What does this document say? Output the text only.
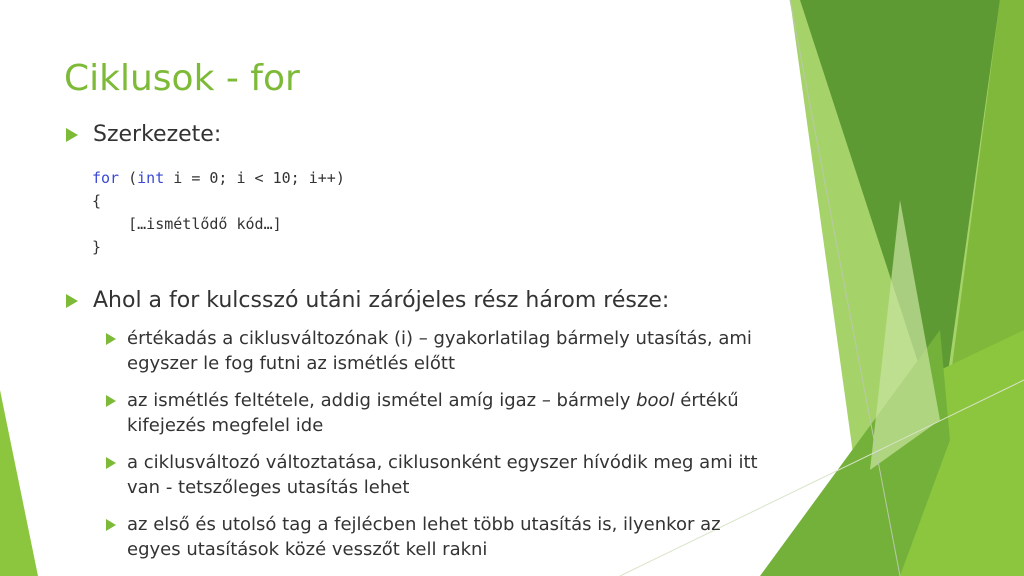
Ciklusok - for
Szerkezete:
for (int i = 0; i < 10; i++)
{
[…ismétlődő kód…]
}
Ahol a for kulcsszó utáni zárójeles rész három része:
értékadás a ciklusváltozónak (i) – gyakorlatilag bármely utasítás, ami egyszer le fog futni az ismétlés előtt
az ismétlés feltétele, addig ismétel amíg igaz – bármely bool értékű kifejezés megfelel ide
a ciklusváltozó változtatása, ciklusonként egyszer hívódik meg ami itt van - tetszőleges utasítás lehet
az első és utolsó tag a fejlécben lehet több utasítás is, ilyenkor az egyes utasítások közé vesszőt kell rakni
